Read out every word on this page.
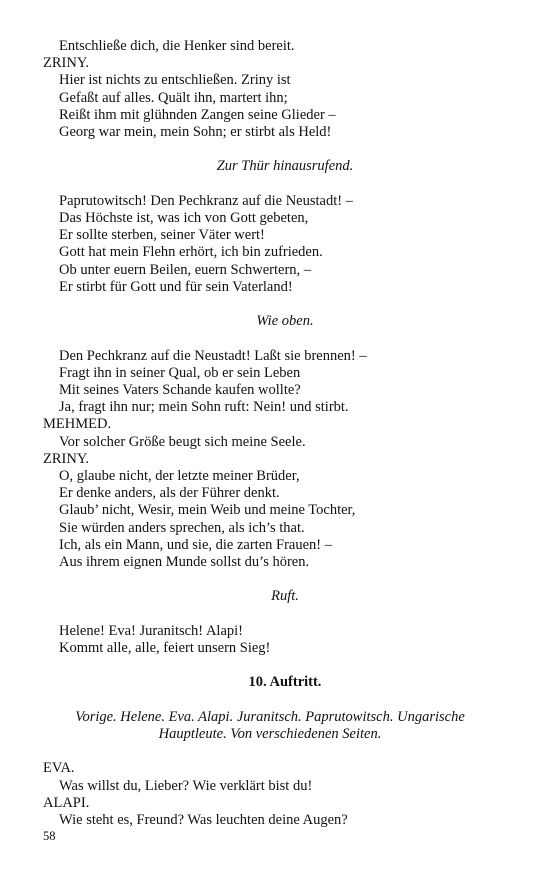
Entschließe dich, die Henker sind bereit.
ZRINY.
Hier ist nichts zu entschließen. Zriny ist
Gefaßt auf alles. Quält ihn, martert ihn;
Reißt ihm mit glühnden Zangen seine Glieder –
Georg war mein, mein Sohn; er stirbt als Held!
Zur Thür hinausrufend.
Paprutowitsch! Den Pechkranz auf die Neustadt! –
Das Höchste ist, was ich von Gott gebeten,
Er sollte sterben, seiner Väter wert!
Gott hat mein Flehn erhört, ich bin zufrieden.
Ob unter euern Beilen, euern Schwertern, –
Er stirbt für Gott und für sein Vaterland!
Wie oben.
Den Pechkranz auf die Neustadt! Laßt sie brennen! –
Fragt ihn in seiner Qual, ob er sein Leben
Mit seines Vaters Schande kaufen wollte?
Ja, fragt ihn nur; mein Sohn ruft: Nein! und stirbt.
MEHMED.
Vor solcher Größe beugt sich meine Seele.
ZRINY.
O, glaube nicht, der letzte meiner Brüder,
Er denke anders, als der Führer denkt.
Glaub’ nicht, Wesir, mein Weib und meine Tochter,
Sie würden anders sprechen, als ich’s that.
Ich, als ein Mann, und sie, die zarten Frauen! –
Aus ihrem eignen Munde sollst du’s hören.
Ruft.
Helene! Eva! Juranitsch! Alapi!
Kommt alle, alle, feiert unsern Sieg!
10. Auftritt.
Vorige. Helene. Eva. Alapi. Juranitsch. Paprutowitsch. Ungarische Hauptleute. Von verschiedenen Seiten.
EVA.
Was willst du, Lieber? Wie verklärt bist du!
ALAPI.
Wie steht es, Freund? Was leuchten deine Augen?
58
